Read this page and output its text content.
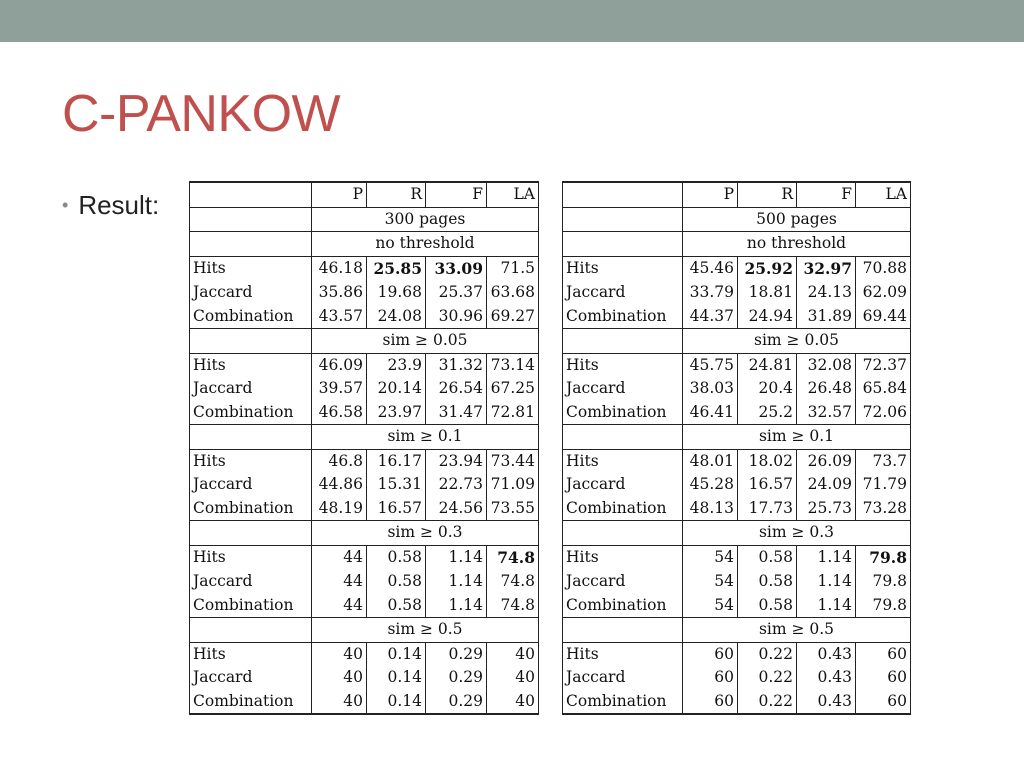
C-PANKOW
• Result:
		P	R	F	LA
	300 pages			
	no threshold			
Hits	46.18	25.85	33.09	71.5
Jaccard	35.86	19.68	25.37	63.68
Combination	43.57	24.08	30.96	69.27
	sim ≥ 0.05			
Hits	46.09	23.9	31.32	73.14
Jaccard	39.57	20.14	26.54	67.25
Combination	46.58	23.97	31.47	72.81
	sim ≥ 0.1			
Hits	46.8	16.17	23.94	73.44
Jaccard	44.86	15.31	22.73	71.09
Combination	48.19	16.57	24.56	73.55
	sim ≥ 0.3			
Hits	44	0.58	1.14	74.8
Jaccard	44	0.58	1.14	74.8
Combination	44	0.58	1.14	74.8
	sim ≥ 0.5			
Hits	40	0.14	0.29	40
Jaccard	40	0.14	0.29	40
Combination	40	0.14	0.29	40
	P	R	F	LA
	500 pages			
	no threshold			
Hits	45.46	25.92	32.97	70.88
Jaccard	33.79	18.81	24.13	62.09
Combination	44.37	24.94	31.89	69.44
	sim ≥ 0.05			
Hits	45.75	24.81	32.08	72.37
Jaccard	38.03	20.4	26.48	65.84
Combination	46.41	25.2	32.57	72.06
	sim ≥ 0.1			
Hits	48.01	18.02	26.09	73.7
Jaccard	45.28	16.57	24.09	71.79
Combination	48.13	17.73	25.73	73.28
	sim ≥ 0.3			
Hits	54	0.58	1.14	79.8
Jaccard	54	0.58	1.14	79.8
Combination	54	0.58	1.14	79.8
	sim ≥ 0.5			
Hits	60	0.22	0.43	60
Jaccard	60	0.22	0.43	60
Combination	60	0.22	0.43	60
